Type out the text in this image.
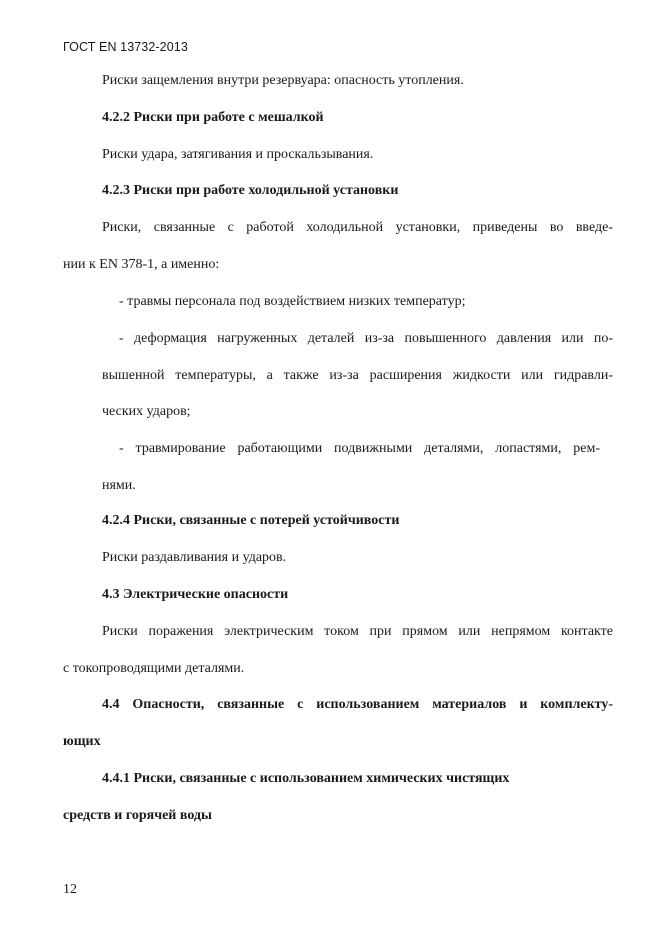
ГОСТ EN 13732-2013
Риски защемления внутри резервуара: опасность утопления.
4.2.2 Риски при работе с мешалкой
Риски удара, затягивания и проскальзывания.
4.2.3 Риски при работе холодильной установки
Риски, связанные с работой холодильной установки, приведены во введе-
нии к EN 378-1, а именно:
- травмы персонала под воздействием низких температур;
- деформация нагруженных деталей из-за повышенного давления или по-
вышенной температуры, а также из-за расширения жидкости или гидравли-
ческих ударов;
- травмирование работающими подвижными деталями, лопастями, рем-
нями.
4.2.4 Риски, связанные с потерей устойчивости
Риски раздавливания и ударов.
4.3 Электрические опасности
Риски поражения электрическим током при прямом или непрямом контакте
с токопроводящими деталями.
4.4 Опасности, связанные с использованием материалов и комплекту-
ющих
4.4.1 Риски, связанные с использованием химических чистящих
средств и горячей воды
12
